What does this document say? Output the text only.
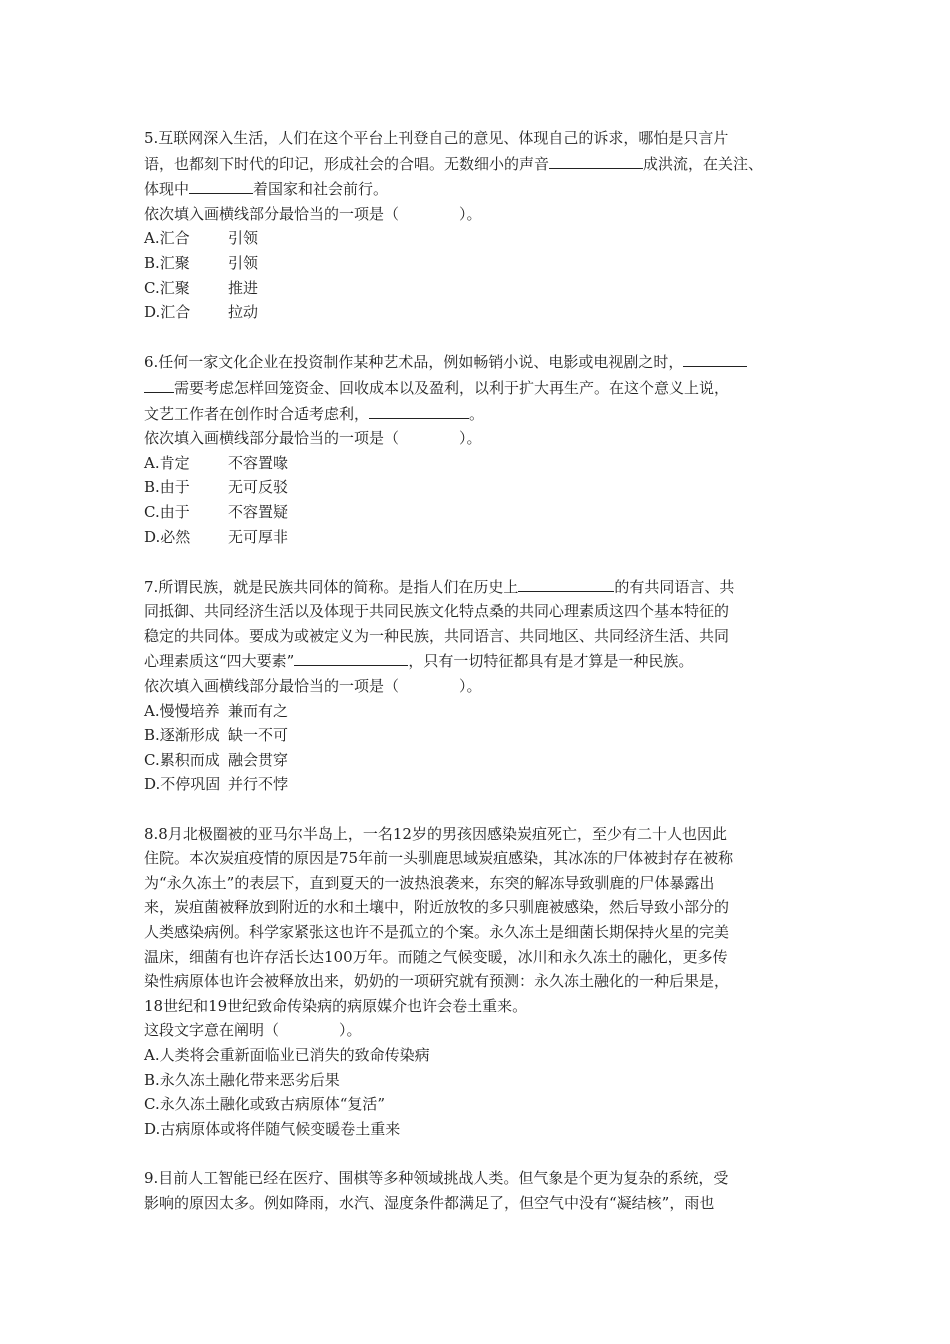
5.互联网深入生活，人们在这个平台上刊登自己的意见、体现自己的诉求，哪怕是只言片
语，也都刻下时代的印记，形成社会的合唱。无数细小的声音	成洪流，在关注、
体现中	着国家和社会前行。
依次填入画横线部分最恰当的一项是（　　　　）。
A.汇合	引领
B.汇聚	引领
C.汇聚	推进
D.汇合	拉动
6.任何一家文化企业在投资制作某种艺术品，例如畅销小说、电影或电视剧之时，
需要考虑怎样回笼资金、回收成本以及盈利，以利于扩大再生产。在这个意义上说，
文艺工作者在创作时合适考虑利，	。
依次填入画横线部分最恰当的一项是（　　　　）。
A.肯定	不容置喙
B.由于	无可反驳
C.由于	不容置疑
D.必然	无可厚非
7.所谓民族，就是民族共同体的简称。是指人们在历史上	的有共同语言、共
同抵御、共同经济生活以及体现于共同民族文化特点桑的共同心理素质这四个基本特征的
稳定的共同体。要成为或被定义为一种民族，共同语言、共同地区、共同经济生活、共同
心理素质这“四大要素”	，只有一切特征都具有是才算是一种民族。
依次填入画横线部分最恰当的一项是（　　　　）。
A.慢慢培养 兼而有之
B.逐渐形成 缺一不可
C.累积而成 融会贯穿
D.不停巩固 并行不悖
8.8月北极圈被的亚马尔半岛上，一名12岁的男孩因感染炭疽死亡，至少有二十人也因此
住院。本次炭疽疫情的原因是75年前一头驯鹿思域炭疽感染，其冰冻的尸体被封存在被称
为“永久冻土”的表层下，直到夏天的一波热浪袭来，东突的解冻导致驯鹿的尸体暴露出
来，炭疽菌被释放到附近的水和土壤中，附近放牧的多只驯鹿被感染，然后导致小部分的
人类感染病例。科学家紧张这也许不是孤立的个案。永久冻土是细菌长期保持火星的完美
温床，细菌有也许存活长达100万年。而随之气候变暖，冰川和永久冻土的融化，更多传
染性病原体也许会被释放出来，奶奶的一项研究就有预测：永久冻土融化的一种后果是，
18世纪和19世纪致命传染病的病原媒介也许会卷土重来。
这段文字意在阐明（　　　　）。
A.人类将会重新面临业已消失的致命传染病
B.永久冻土融化带来恶劣后果
C.永久冻土融化或致古病原体“复活”
D.古病原体或将伴随气候变暖卷土重来
9.目前人工智能已经在医疗、围棋等多种领域挑战人类。但气象是个更为复杂的系统，受
影响的原因太多。例如降雨，水汽、湿度条件都满足了，但空气中没有“凝结核”，雨也
